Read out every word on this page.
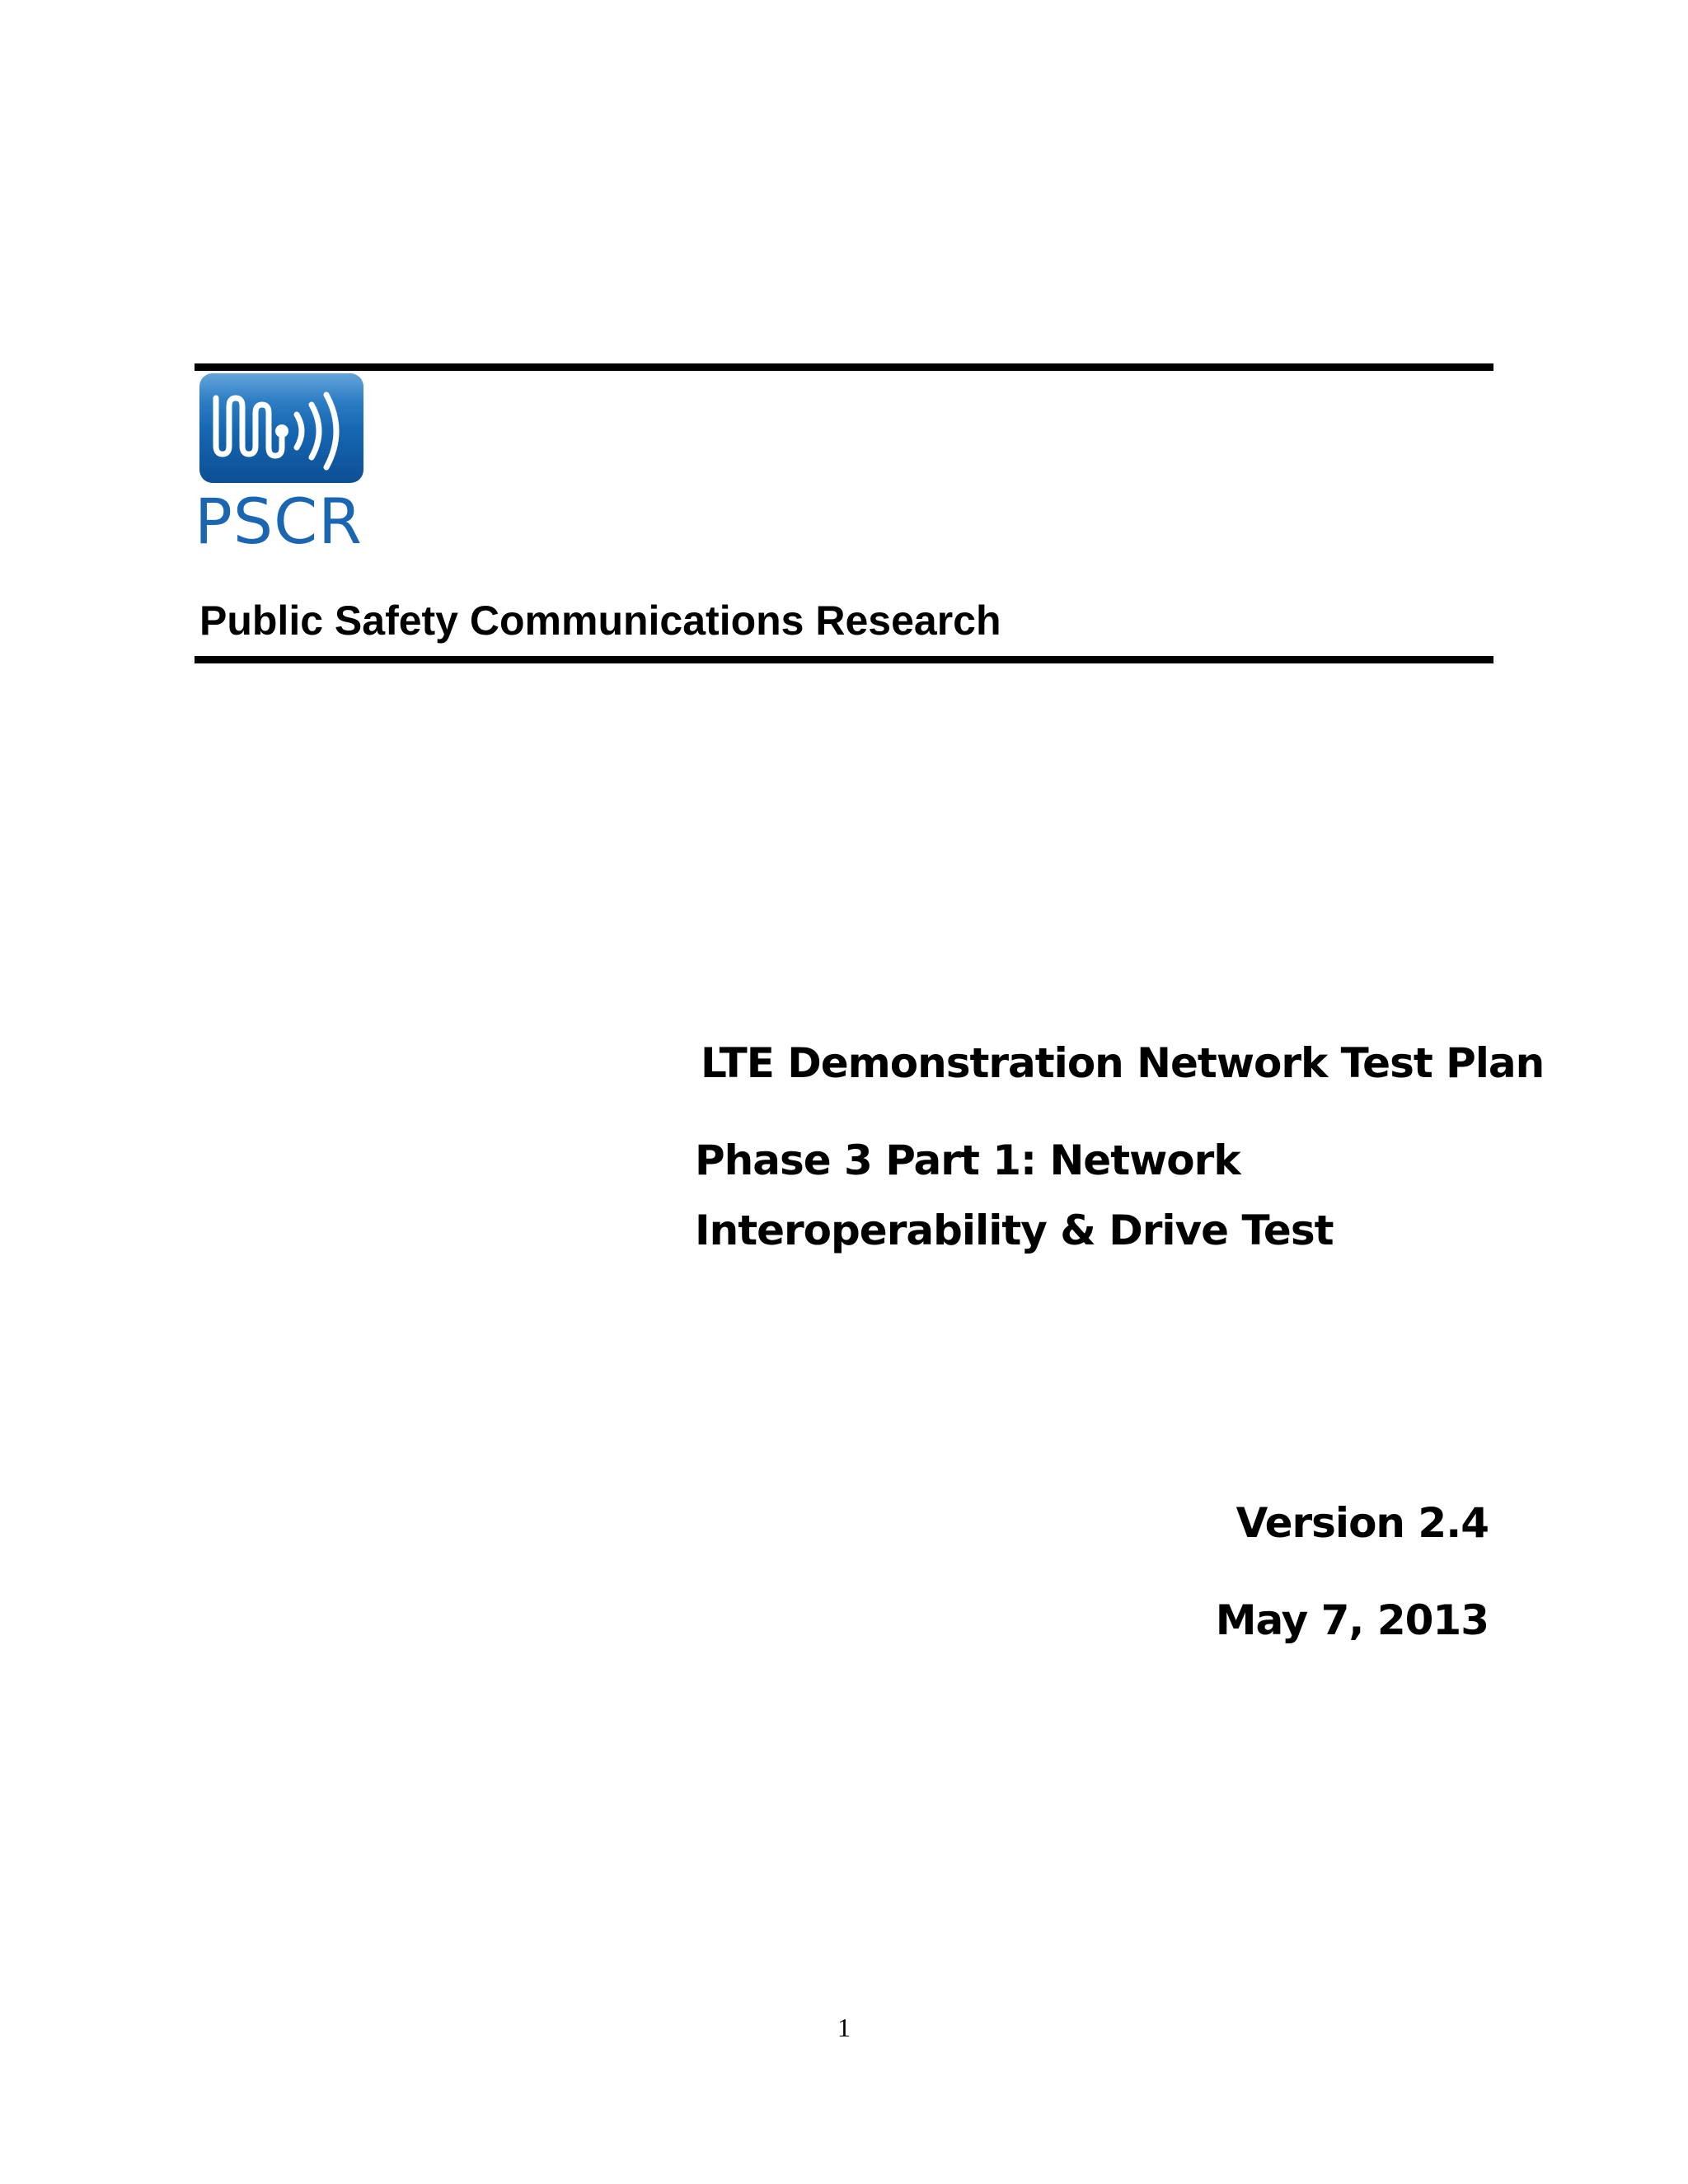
PSCR
Public Safety Communications Research
LTE Demonstration Network Test Plan
Phase 3 Part 1: Network
Interoperability & Drive Test
Version 2.4
May 7, 2013
1
